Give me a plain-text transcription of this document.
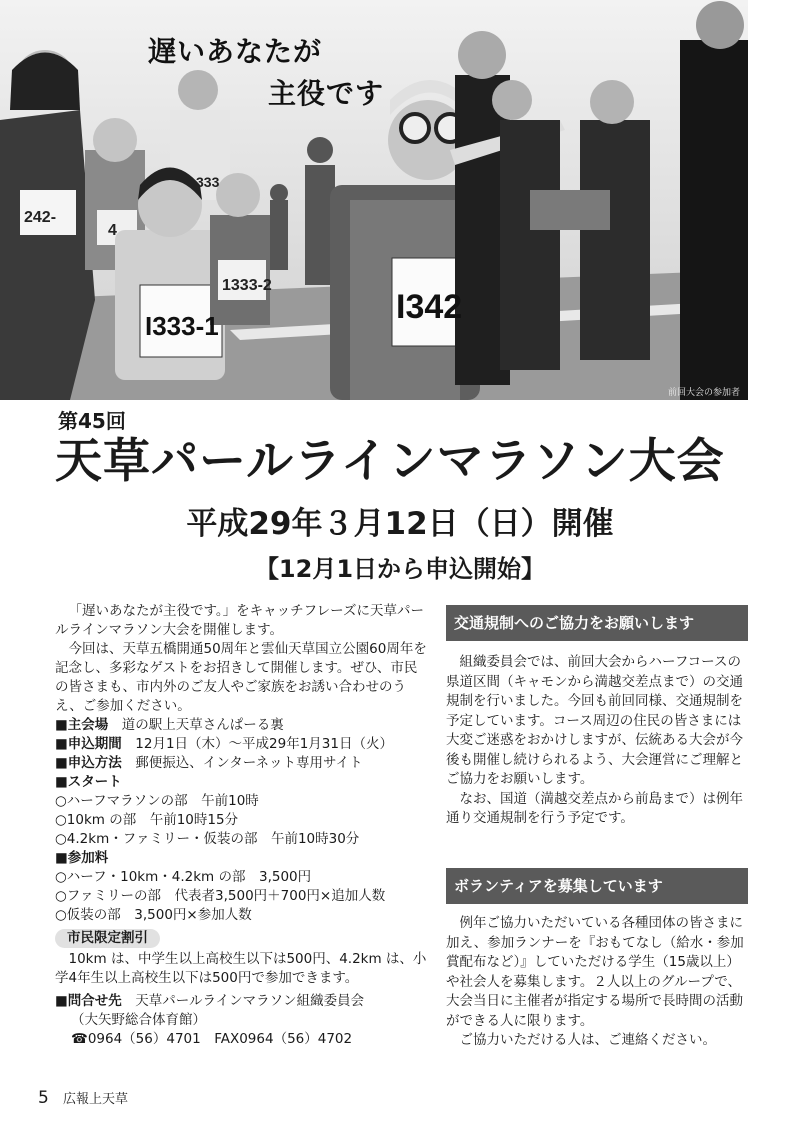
242-
4
I333-1
1333-2
I342
333
遅いあなたが
主役です
前回大会の参加者
第45回
天草パールラインマラソン大会
平成29年３月12日（日）開催
【12月1日から申込開始】

「遅いあなたが主役です。」をキャッチフレーズに天草パールラインマラソン大会を開催します。

今回は、天草五橋開通50周年と雲仙天草国立公園60周年を記念し、多彩なゲストをお招きして開催します。ぜひ、市民の皆さまも、市内外のご友人やご家族をお誘い合わせのうえ、ご参加ください。

■主会場　 道の駅上天草さんぱーる裏

■申込期間　 12月1日（木）～平成29年1月31日（火）

■申込方法　 郵便振込、インターネット専用サイト

■スタート

○ハーフマラソンの部　午前10時

○10km の部　午前10時15分

○4.2km・ファミリー・仮装の部　午前10時30分

■参加料

○ハーフ・10km・4.2km の部　3,500円

○ファミリーの部　代表者3,500円＋700円×追加人数

○仮装の部　3,500円×参加人数

市民限定割引

10km は、中学生以上高校生以下は500円、4.2km は、小学4年生以上高校生以下は500円で参加できます。

■問合せ先　 天草パールラインマラソン組織委員会

（大矢野総合体育館）

☎0964（56）4701　FAX0964（56）4702

交通規制へのご協力をお願いします

組織委員会では、前回大会からハーフコースの県道区間（キャモンから満越交差点まで）の交通規制を行いました。今回も前回同様、交通規制を予定しています。コース周辺の住民の皆さまには大変ご迷惑をおかけしますが、伝統ある大会が今後も開催し続けられるよう、大会運営にご理解とご協力をお願いします。

なお、国道（満越交差点から前島まで）は例年通り交通規制を行う予定です。

ボランティアを募集しています

例年ご協力いただいている各種団体の皆さまに加え、参加ランナーを『おもてなし（給水・参加賞配布など）』していただける学生（15歳以上）や社会人を募集します。２人以上のグループで、大会当日に主催者が指定する場所で長時間の活動ができる人に限ります。

ご協力いただける人は、ご連絡ください。

5 広報上天草
